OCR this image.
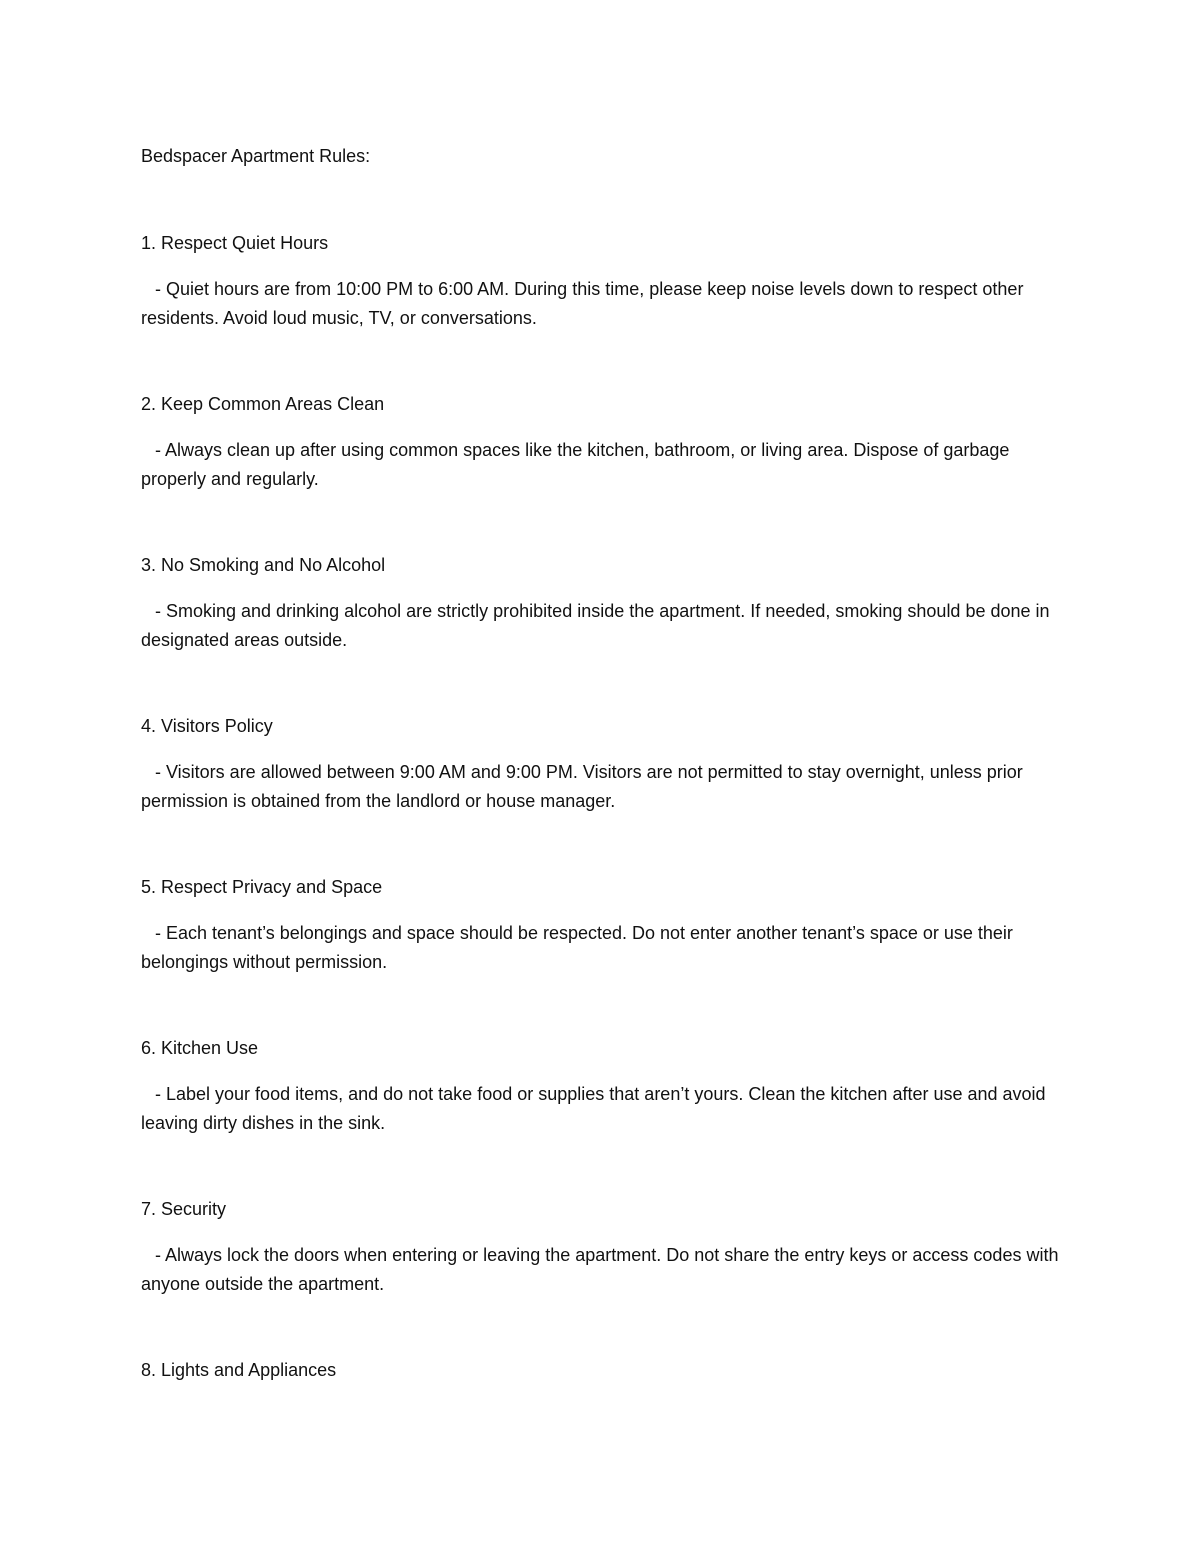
Bedspacer Apartment Rules:

1. Respect Quiet Hours

- Quiet hours are from 10:00 PM to 6:00 AM. During this time, please keep noise levels down to respect other residents. Avoid loud music, TV, or conversations.

2. Keep Common Areas Clean

- Always clean up after using common spaces like the kitchen, bathroom, or living area. Dispose of garbage properly and regularly.

3. No Smoking and No Alcohol

- Smoking and drinking alcohol are strictly prohibited inside the apartment. If needed, smoking should be done in designated areas outside.

4. Visitors Policy

- Visitors are allowed between 9:00 AM and 9:00 PM. Visitors are not permitted to stay overnight, unless prior permission is obtained from the landlord or house manager.

5. Respect Privacy and Space

- Each tenant’s belongings and space should be respected. Do not enter another tenant’s space or use their belongings without permission.

6. Kitchen Use

- Label your food items, and do not take food or supplies that aren’t yours. Clean the kitchen after use and avoid leaving dirty dishes in the sink.

7. Security

- Always lock the doors when entering or leaving the apartment. Do not share the entry keys or access codes with anyone outside the apartment.

8. Lights and Appliances
